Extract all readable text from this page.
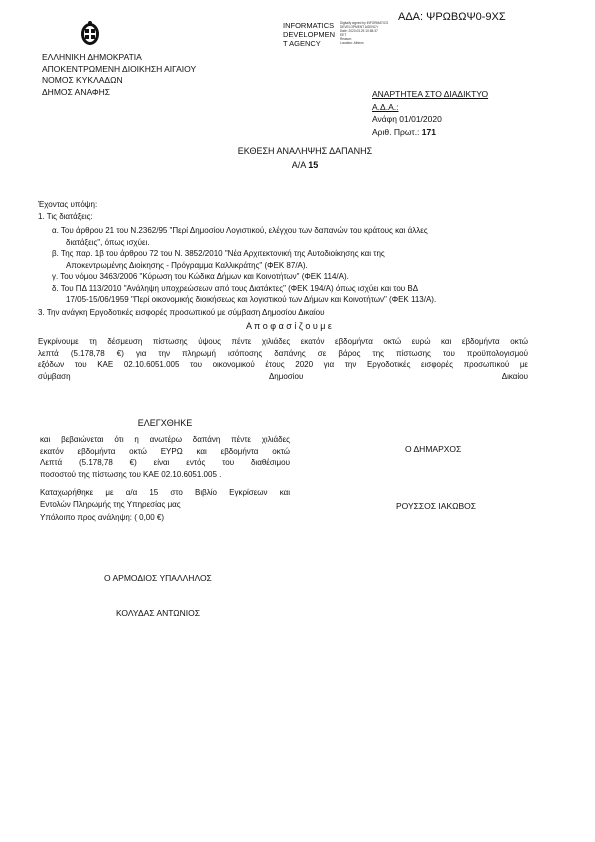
ΑΔΑ: ΨΡΩΒΩΨ0-9ΧΣ
INFORMATICS
DEVELOPMEN
T AGENCY
Digitally signed by INFORMATICS
DEVELOPMENT AGENCY
Date: 2020.03.25 10:58:37
EET
Reason:
Location: Athens
ΕΛΛΗΝΙΚΗ ΔΗΜΟΚΡΑΤΙΑ
ΑΠΟΚΕΝΤΡΩΜΕΝΗ ΔΙΟΙΚΗΣΗ ΑΙΓΑΙΟΥ
ΝΟΜΟΣ ΚΥΚΛΑΔΩΝ
ΔΗΜΟΣ ΑΝΑΦΗΣ	ΑΝΑΡΤΗΤΕΑ ΣΤΟ ΔΙΑΔΙΚΤΥΟ
Α.Δ.Α.:
Ανάφη 01/01/2020
Αριθ. Πρωτ.: 171
ΕΚΘΕΣΗ ΑΝΑΛΗΨΗΣ ΔΑΠΑΝΗΣ
Α/Α 15
Έχοντας υπόψη:
1. Τις διατάξεις:
α. Του άρθρου 21 του Ν.2362/95 "Περί Δημοσίου Λογιστικού, ελέγχου των δαπανών του κράτους και άλλες
διατάξεις", όπως ισχύει.
β. Της παρ. 1β του άρθρου 72 του Ν. 3852/2010 "Νέα Αρχιτεκτονική της Αυτοδιοίκησης και της
Αποκεντρωμένης Διοίκησης - Πρόγραμμα Καλλικράτης" (ΦΕΚ 87/Α).
γ. Του νόμου 3463/2006 "Κύρωση του Κώδικα Δήμων και Κοινοτήτων" (ΦΕΚ 114/Α).
δ. Του ΠΔ 113/2010 "Ανάληψη υποχρεώσεων από τους Διατάκτες" (ΦΕΚ 194/Α) όπως ισχύει και του ΒΔ
17/05-15/06/1959 "Περί οικονομικής διοικήσεως και λογιστικού των Δήμων και Κοινοτήτων" (ΦΕΚ 113/Α).
3. Την ανάγκη Εργοδοτικές εισφορές προσωπικού με σύμβαση Δημοσίου Δικαίου
Α π ο φ α σ ί ζ ο υ μ ε
Εγκρίνουμε τη δέσμευση πίστωσης ύψους πέντε χιλιάδες εκατόν εβδομήντα οκτώ ευρώ και εβδομήντα οκτώ
λεπτά (5.178,78 €) για την πληρωμή ισόποσης δαπάνης σε βάρος της πίστωσης του προϋπολογισμού
εξόδων του ΚΑΕ 02.10.6051.005 του οικονομικού έτους 2020 για την Εργοδοτικές εισφορές προσωπικού με
σύμβαση	Δημοσίου	Δικαίου
ΕΛΕΓΧΘΗΚΕ
και βεβαιώνεται ότι η ανωτέρω δαπάνη πέντε χιλιάδες
εκατόν εβδομήντα οκτώ ΕΥΡΩ και εβδομήντα οκτώ
Λεπτά (5.178,78 €) είναι εντός του διαθέσιμου
ποσοστού της πίστωσης του ΚΑΕ 02.10.6051.005 .
Καταχωρήθηκε με α/α 15 στο Βιβλίο Εγκρίσεων και
Εντολών Πληρωμής της Υπηρεσίας μας
Υπόλοιπο προς ανάληψη: ( 0,00 €)
Ο ΔΗΜΑΡΧΟΣ
ΡΟΥΣΣΟΣ ΙΑΚΩΒΟΣ
Ο ΑΡΜΟΔΙΟΣ ΥΠΑΛΛΗΛΟΣ
ΚΟΛΥΔΑΣ ΑΝΤΩΝΙΟΣ
